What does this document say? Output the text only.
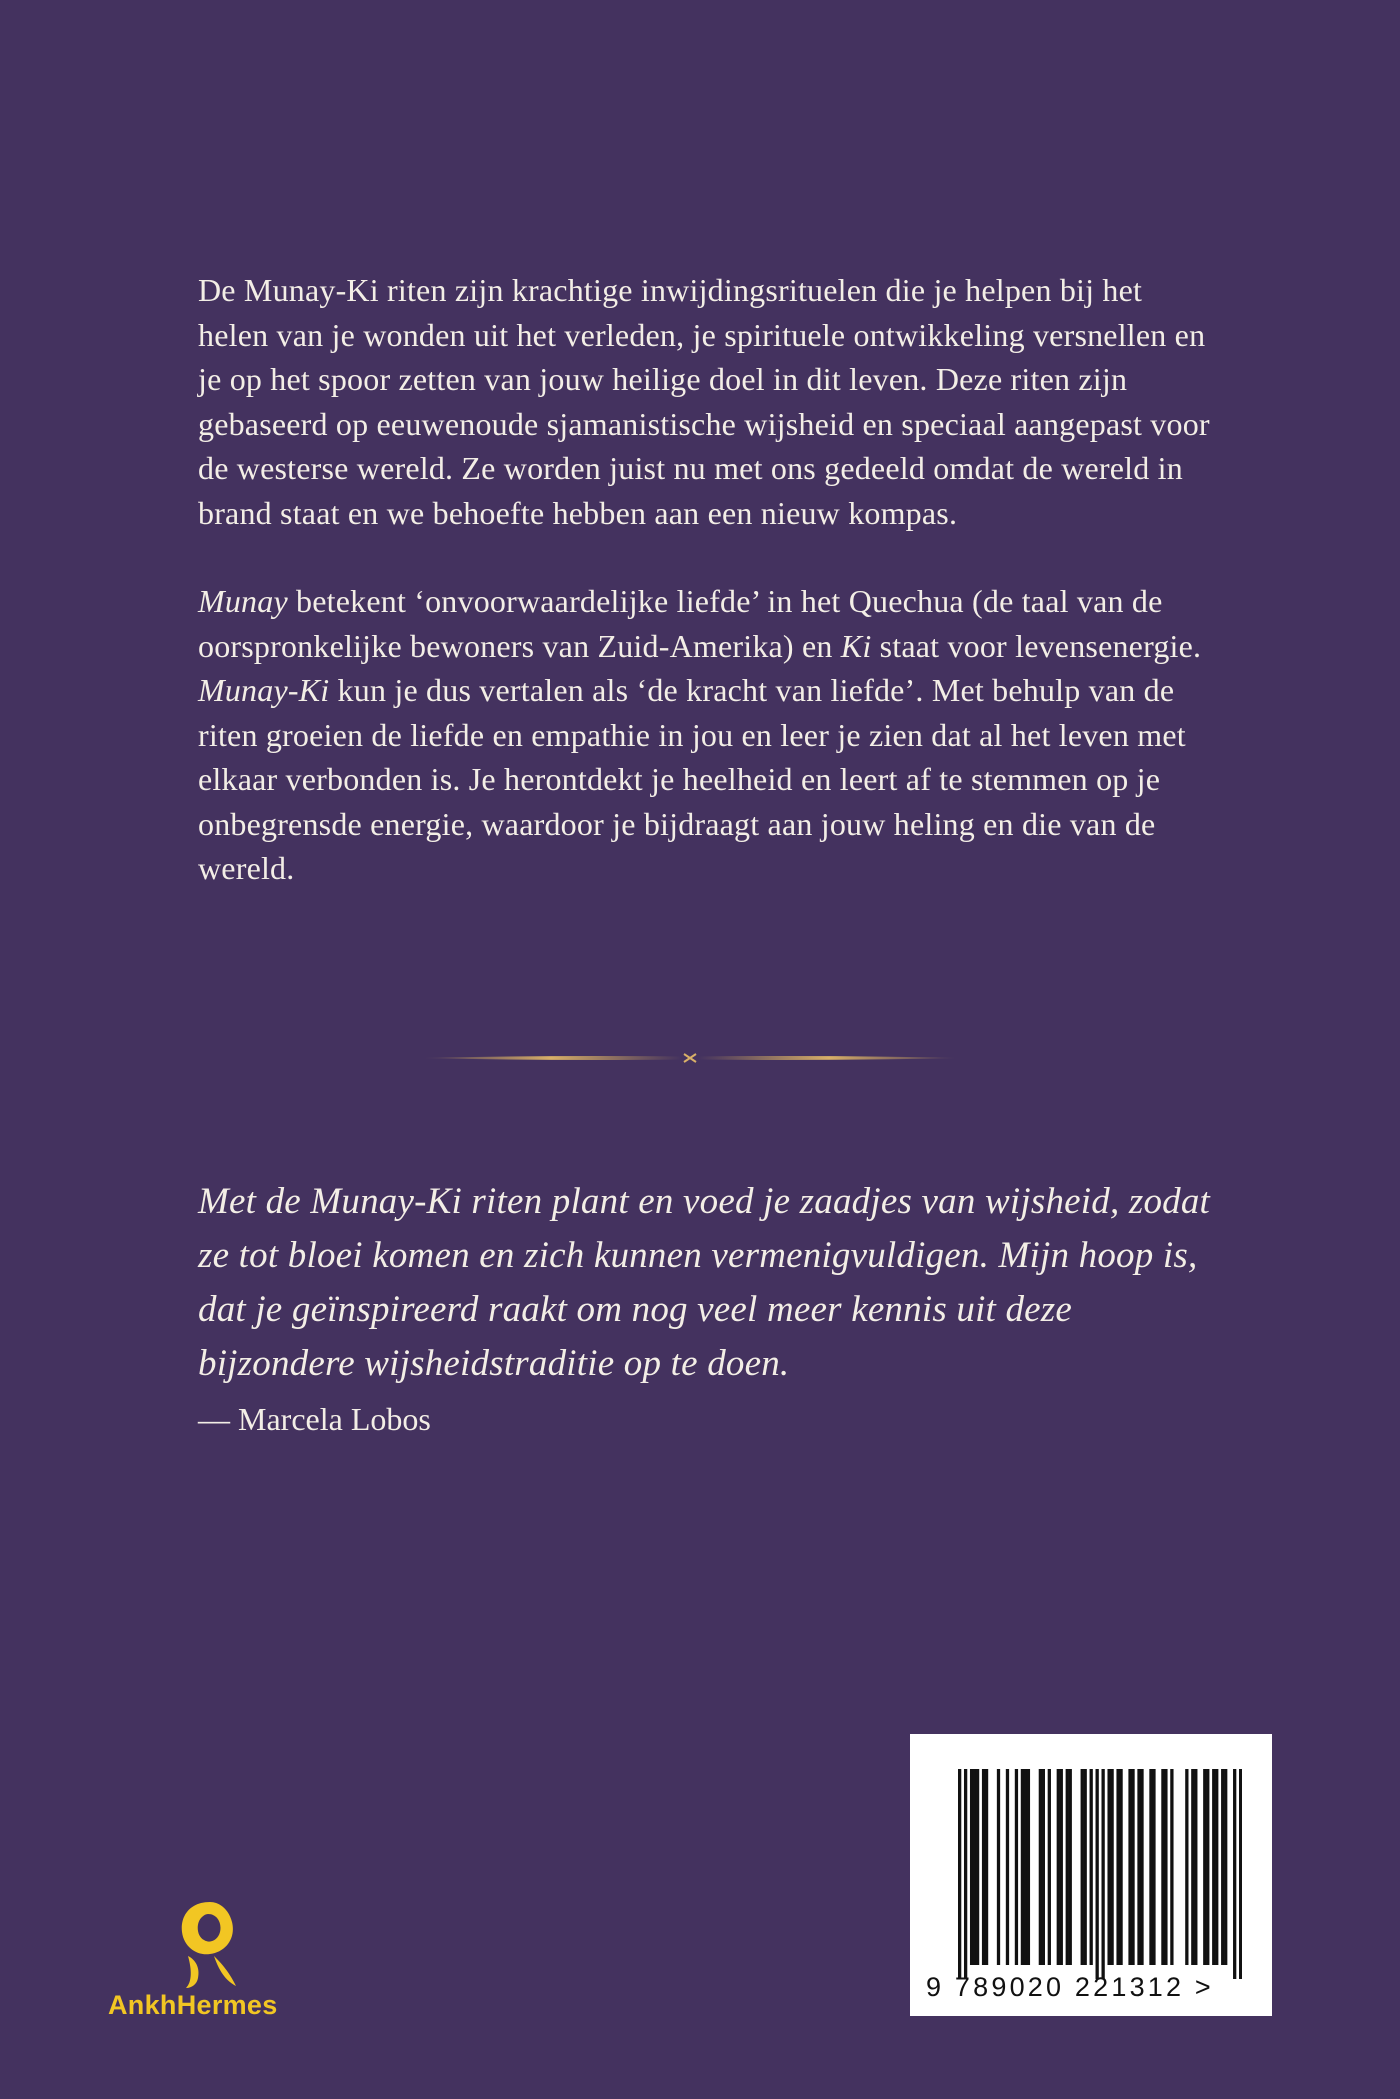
De Munay-Ki riten zijn krachtige inwijdingsrituelen die je helpen bij het helen van je wonden uit het verleden, je spirituele ontwikkeling versnellen en je op het spoor zetten van jouw heilige doel in dit leven. Deze riten zijn gebaseerd op eeuwenoude sjamanistische wijsheid en speciaal aangepast voor de westerse wereld. Ze worden juist nu met ons gedeeld omdat de wereld in brand staat en we behoefte hebben aan een nieuw kompas.

Munay betekent ‘onvoorwaardelijke liefde’ in het Quechua (de taal van de oorspronkelijke bewoners van Zuid-Amerika) en Ki staat voor levensenergie. Munay-Ki kun je dus vertalen als ‘de kracht van liefde’. Met behulp van de riten groeien de liefde en empathie in jou en leer je zien dat al het leven met elkaar verbonden is. Je herontdekt je heelheid en leert af te stemmen op je onbegrensde energie, waardoor je bijdraagt aan jouw heling en die van de wereld.

Met de Munay-Ki riten plant en voed je zaadjes van wijsheid, zodat ze tot bloei komen en zich kunnen vermenigvuldigen. Mijn hoop is, dat je geïnspireerd raakt om nog veel meer kennis uit deze bijzondere wijsheidstraditie op te doen.

— Marcela Lobos

AnkhHermes
9 789020 221312 >
